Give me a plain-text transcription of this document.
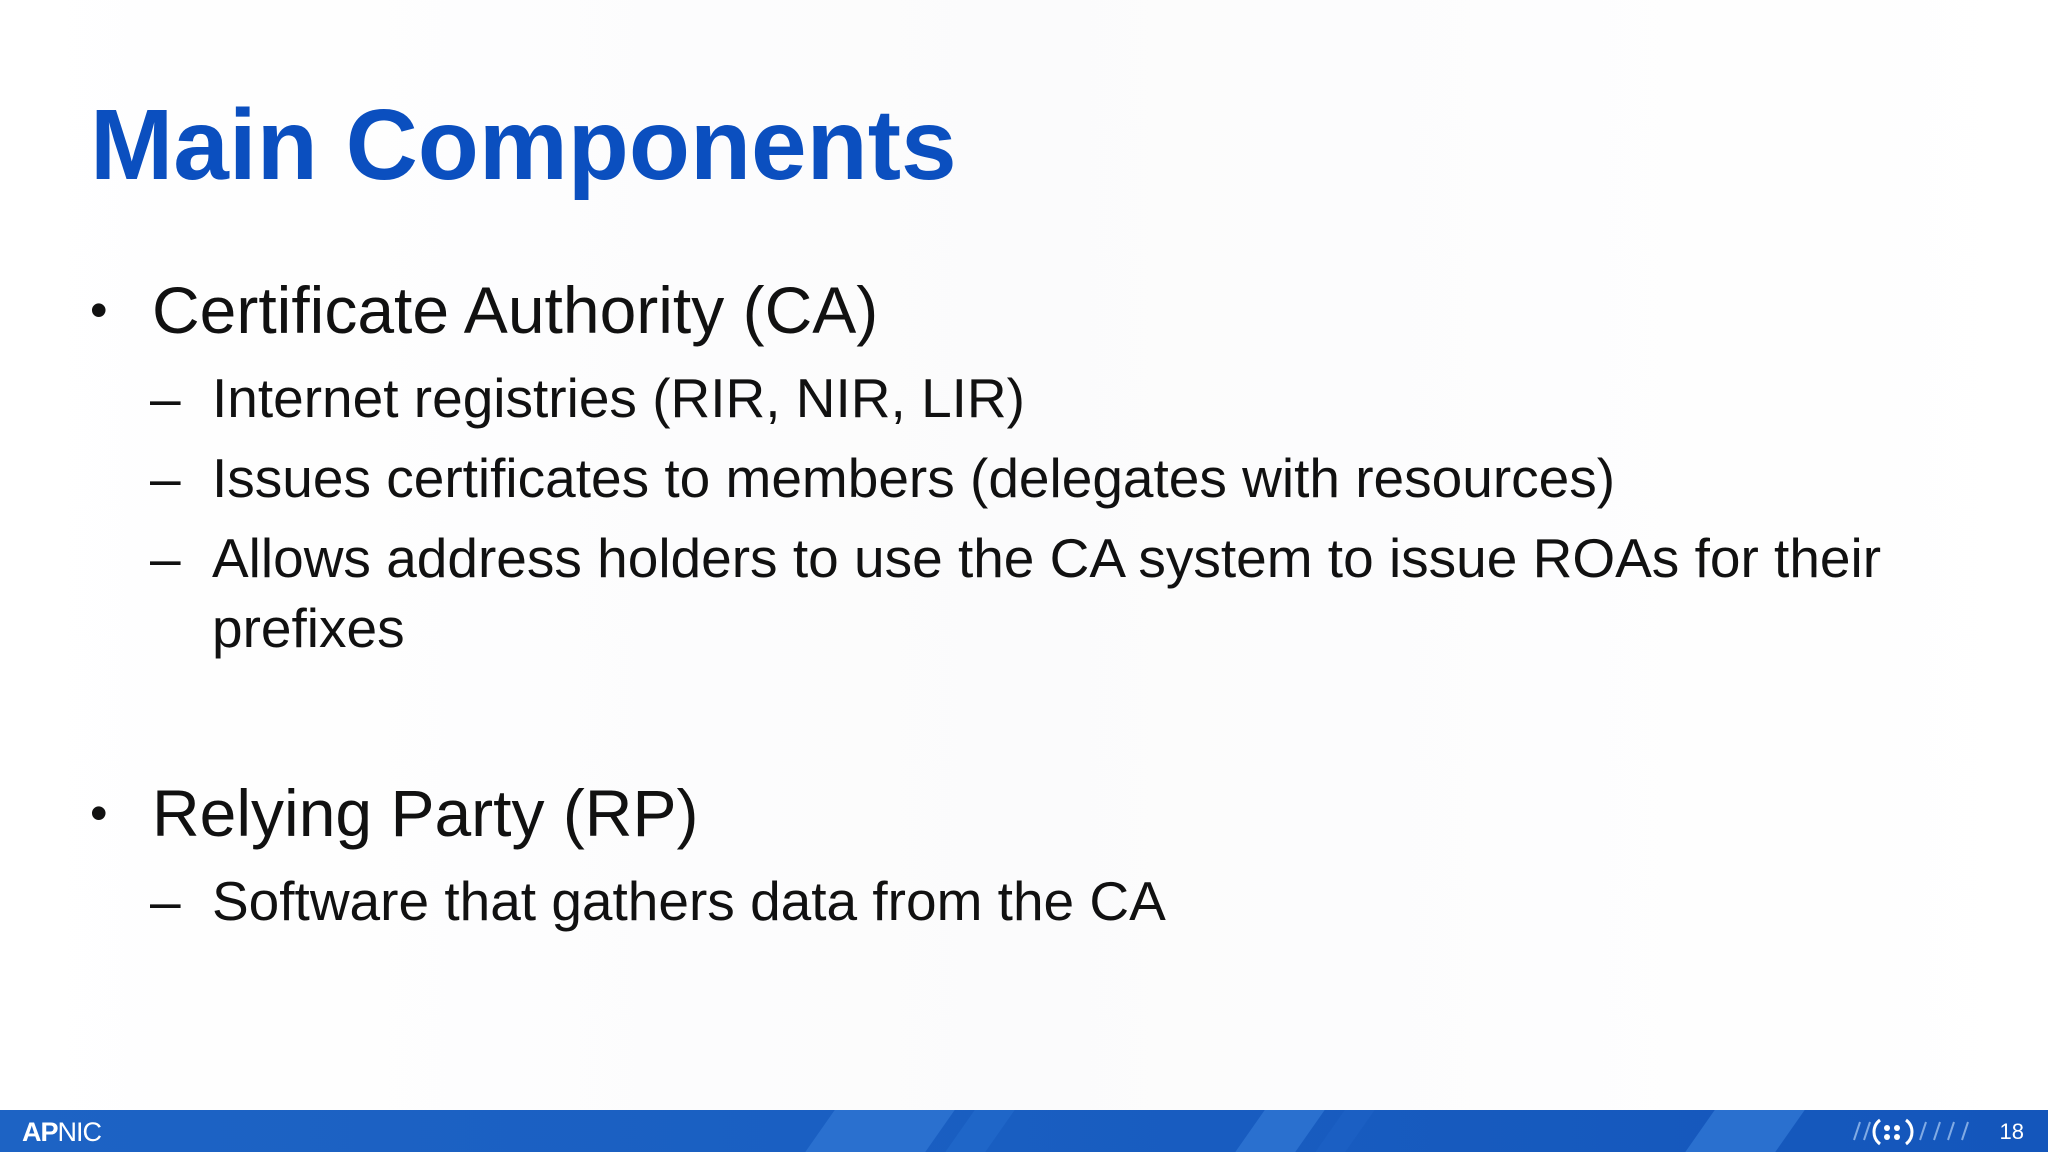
Main Components
• Certificate Authority (CA)
– Internet registries (RIR, NIR, LIR)
– Issues certificates to members (delegates with resources)
– Allows address holders to use the CA system to issue ROAs for their prefixes
• Relying Party (RP)
– Software that gathers data from the CA
APNIC	18
